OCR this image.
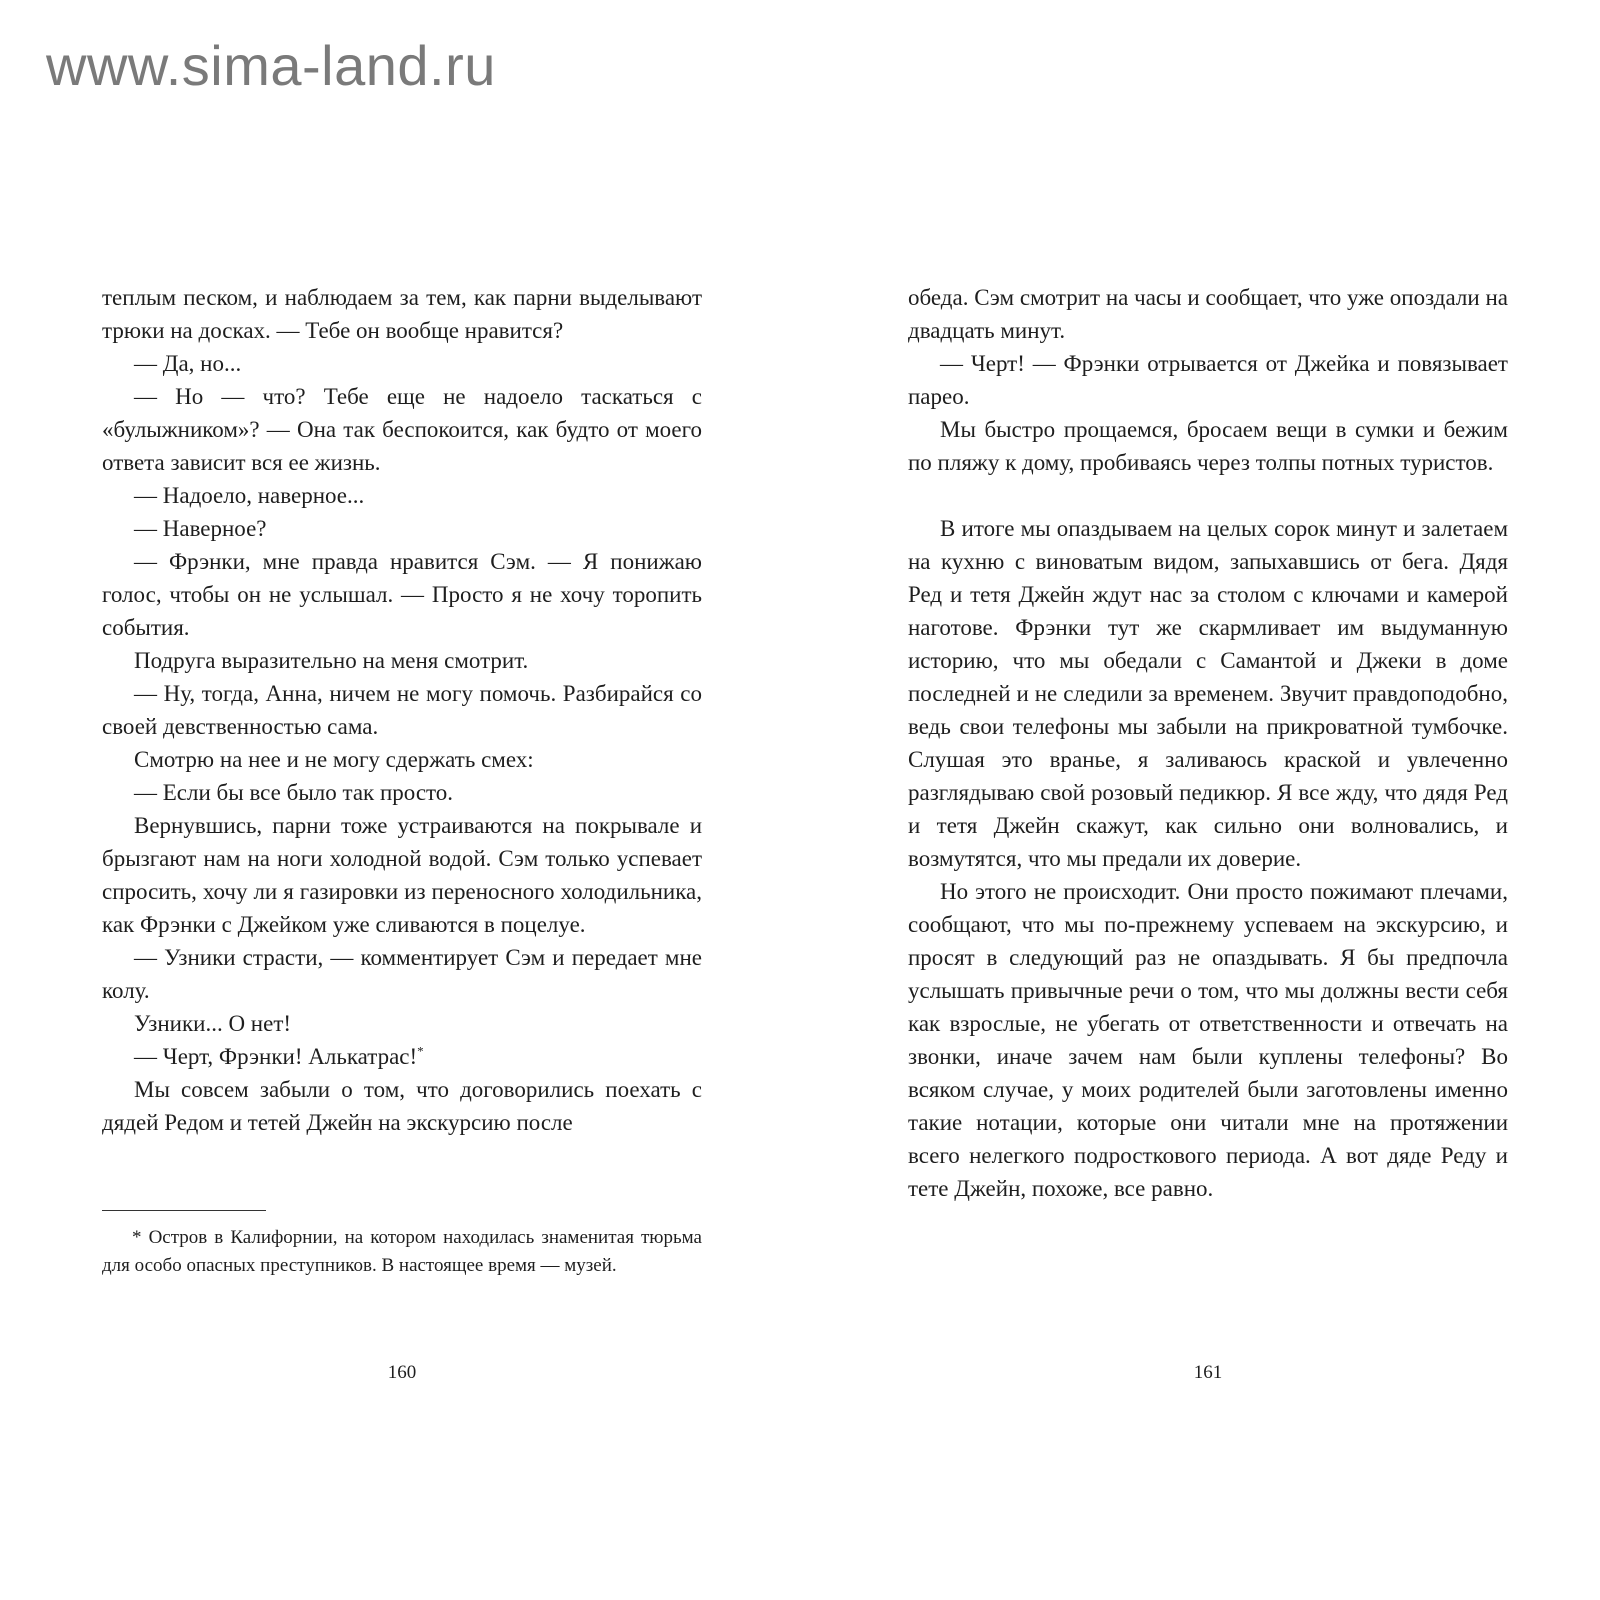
www.sima-land.ru

теплым песком, и наблюдаем за тем, как парни выделывают трюки на досках. — Тебе он вообще нравится?

— Да, но...

— Но — что? Тебе еще не надоело таскаться с «булыжником»? — Она так беспокоится, как будто от моего ответа зависит вся ее жизнь.

— Надоело, наверное...

— Наверное?

— Фрэнки, мне правда нравится Сэм. — Я понижаю голос, чтобы он не услышал. — Просто я не хочу торопить события.

Подруга выразительно на меня смотрит.

— Ну, тогда, Анна, ничем не могу помочь. Разбирайся со своей девственностью сама.

Смотрю на нее и не могу сдержать смех:

— Если бы все было так просто.

Вернувшись, парни тоже устраиваются на покрывале и брызгают нам на ноги холодной водой. Сэм только успевает спросить, хочу ли я газировки из переносного холодильника, как Фрэнки с Джейком уже сливаются в поцелуе.

— Узники страсти, — комментирует Сэм и передает мне колу.

Узники... О нет!

— Черт, Фрэнки! Алькатрас!*

Мы совсем забыли о том, что договорились поехать с дядей Редом и тетей Джейн на экскурсию после

* Остров в Калифорнии, на котором находилась знаменитая тюрьма для особо опасных преступников. В настоящее время — музей.

160

обеда. Сэм смотрит на часы и сообщает, что уже опоздали на двадцать минут.

— Черт! — Фрэнки отрывается от Джейка и повязывает парео.

Мы быстро прощаемся, бросаем вещи в сумки и бежим по пляжу к дому, пробиваясь через толпы потных туристов.

В итоге мы опаздываем на целых сорок минут и залетаем на кухню с виноватым видом, запыхавшись от бега. Дядя Ред и тетя Джейн ждут нас за столом с ключами и камерой наготове. Фрэнки тут же скармливает им выдуманную историю, что мы обедали с Самантой и Джеки в доме последней и не следили за временем. Звучит правдоподобно, ведь свои телефоны мы забыли на прикроватной тумбочке. Слушая это вранье, я заливаюсь краской и увлеченно разглядываю свой розовый педикюр. Я все жду, что дядя Ред и тетя Джейн скажут, как сильно они волновались, и возмутятся, что мы предали их доверие.

Но этого не происходит. Они просто пожимают плечами, сообщают, что мы по-прежнему успеваем на экскурсию, и просят в следующий раз не опаздывать. Я бы предпочла услышать привычные речи о том, что мы должны вести себя как взрослые, не убегать от ответственности и отвечать на звонки, иначе зачем нам были куплены телефоны? Во всяком случае, у моих родителей были заготовлены именно такие нотации, которые они читали мне на протяжении всего нелегкого подросткового периода. А вот дяде Реду и тете Джейн, похоже, все равно.

161
